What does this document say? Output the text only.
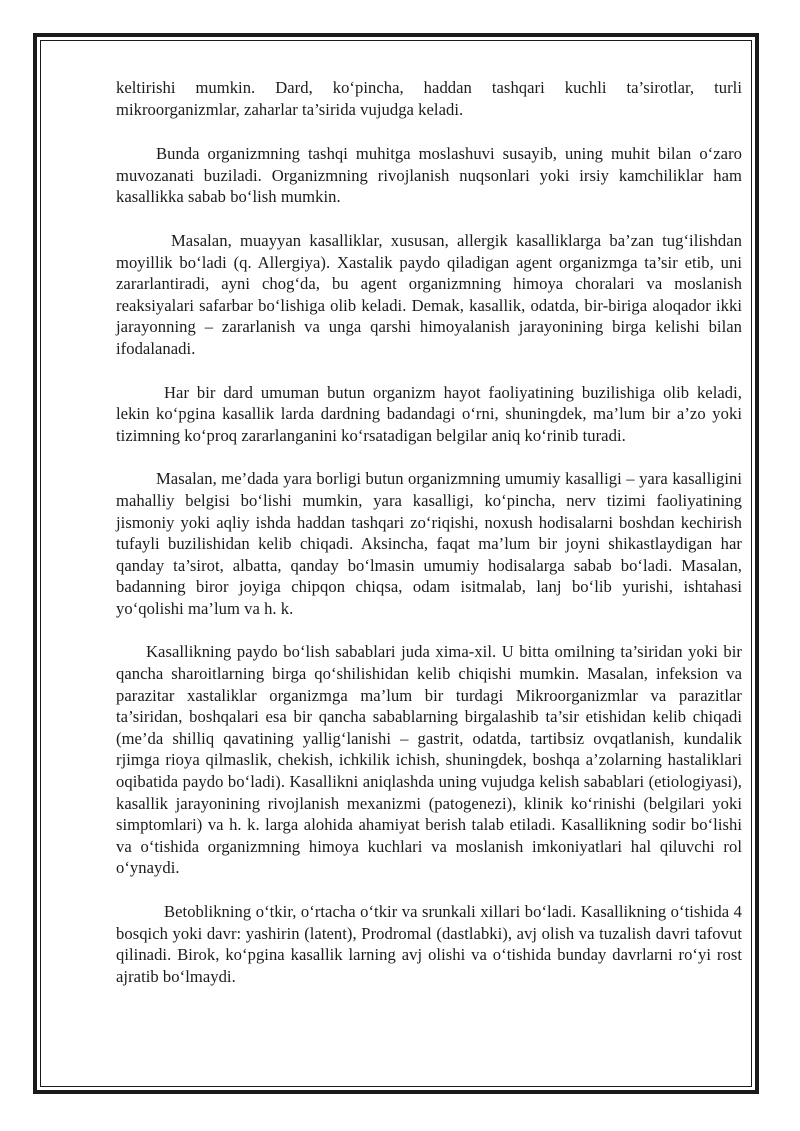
keltirishi mumkin. Dard, ko‘pincha, haddan tashqari kuchli ta’sirotlar, turli mikroorganizmlar, zaharlar ta’sirida vujudga keladi.

Bunda organizmning tashqi muhitga moslashuvi susayib, uning muhit bilan o‘zaro muvozanati buziladi. Organizmning rivojlanish nuqsonlari yoki irsiy kamchiliklar ham kasallikka sabab bo‘lish mumkin.

Masalan, muayyan kasalliklar, xususan, allergik kasalliklarga ba’zan tug‘ilishdan moyillik bo‘ladi (q. Allergiya). Xastalik paydo qiladigan agent organizmga ta’sir etib, uni zararlantiradi, ayni chog‘da, bu agent organizmning himoya choralari va moslanish reaksiyalari safarbar bo‘lishiga olib keladi. Demak, kasallik, odatda, bir-biriga aloqador ikki jarayonning – zararlanish va unga qarshi himoyalanish jarayonining birga kelishi bilan ifodalanadi.

Har bir dard umuman butun organizm hayot faoliyatining buzilishiga olib keladi, lekin ko‘pgina kasallik larda dardning badandagi o‘rni, shuningdek, ma’lum bir a’zo yoki tizimning ko‘proq zararlanganini ko‘rsatadigan belgilar aniq ko‘rinib turadi.

Masalan, me’dada yara borligi butun organizmning umumiy kasalligi – yara kasalligini mahalliy belgisi bo‘lishi mumkin, yara kasalligi, ko‘pincha, nerv tizimi faoliyatining jismoniy yoki aqliy ishda haddan tashqari zo‘riqishi, noxush hodisalarni boshdan kechirish tufayli buzilishidan kelib chiqadi. Aksincha, faqat ma’lum bir joyni shikastlaydigan har qanday ta’sirot, albatta, qanday bo‘lmasin umumiy hodisalarga sabab bo‘ladi. Masalan, badanning biror joyiga chipqon chiqsa, odam isitmalab, lanj bo‘lib yurishi, ishtahasi yo‘qolishi ma’lum va h. k.

Kasallikning paydo bo‘lish sabablari juda xima-xil. U bitta omilning ta’siridan yoki bir qancha sharoitlarning birga qo‘shilishidan kelib chiqishi mumkin. Masalan, infeksion va parazitar xastaliklar organizmga ma’lum bir turdagi Mikroorganizmlar va parazitlar ta’siridan, boshqalari esa bir qancha sabablarning birgalashib ta’sir etishidan kelib chiqadi (me’da shilliq qavatining yallig‘lanishi – gastrit, odatda, tartibsiz ovqatlanish, kundalik rjimga rioya qilmaslik, chekish, ichkilik ichish, shuningdek, boshqa a’zolarning hastaliklari oqibatida paydo bo‘ladi). Kasallikni aniqlashda uning vujudga kelish sabablari (etiologiyasi), kasallik jarayonining rivojlanish mexanizmi (patogenezi), klinik ko‘rinishi (belgilari yoki simptomlari) va h. k. larga alohida ahamiyat berish talab etiladi. Kasallikning sodir bo‘lishi va o‘tishida organizmning himoya kuchlari va moslanish imkoniyatlari hal qiluvchi rol o‘ynaydi.

Betoblikning o‘tkir, o‘rtacha o‘tkir va srunkali xillari bo‘ladi. Kasallikning o‘tishida 4 bosqich yoki davr: yashirin (latent), Prodromal (dastlabki), avj olish va tuzalish davri tafovut qilinadi. Birok, ko‘pgina kasallik larning avj olishi va o‘tishida bunday davrlarni ro‘yi rost ajratib bo‘lmaydi.
